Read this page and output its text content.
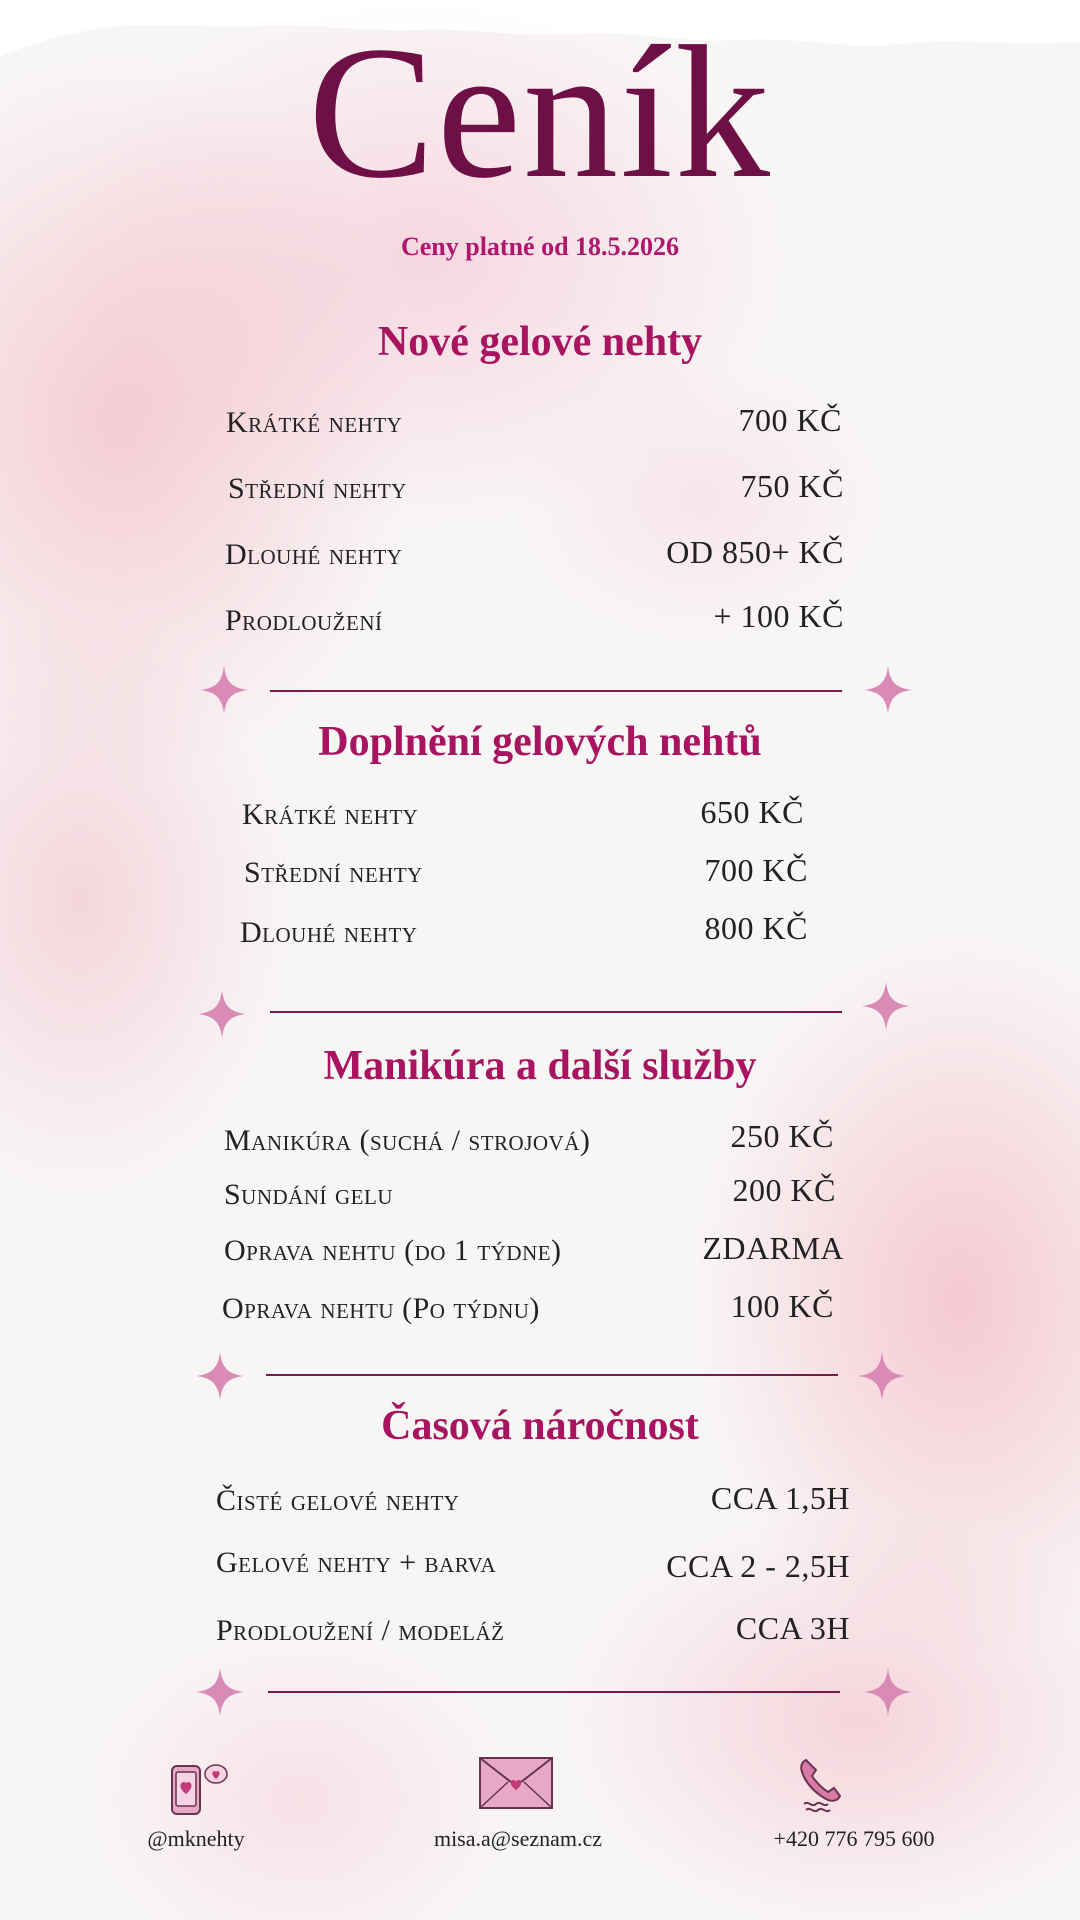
Ceník
Ceny platné od 18.5.2026
Nové gelové nehty
Krátké nehty	700 KČ
Střední nehty	750 KČ
Dlouhé nehty	OD 850+ KČ
Prodloužení	+ 100 KČ
Doplnění gelových nehtů
Krátké nehty	650 KČ
Střední nehty	700 KČ
Dlouhé nehty	800 KČ
Manikúra a další služby
Manikúra (suchá / strojová)	250 KČ
Sundání gelu	200 KČ
Oprava nehtu (do 1 týdne)	ZDARMA
Oprava nehtu (Po týdnu)	100 KČ
Časová náročnost
Čisté gelové nehty	CCA 1,5H
Gelové nehty + barva	CCA 2 - 2,5H
Prodloužení / modeláž	CCA 3H
@mknehty	misa.a@seznam.cz	+420 776 795 600
